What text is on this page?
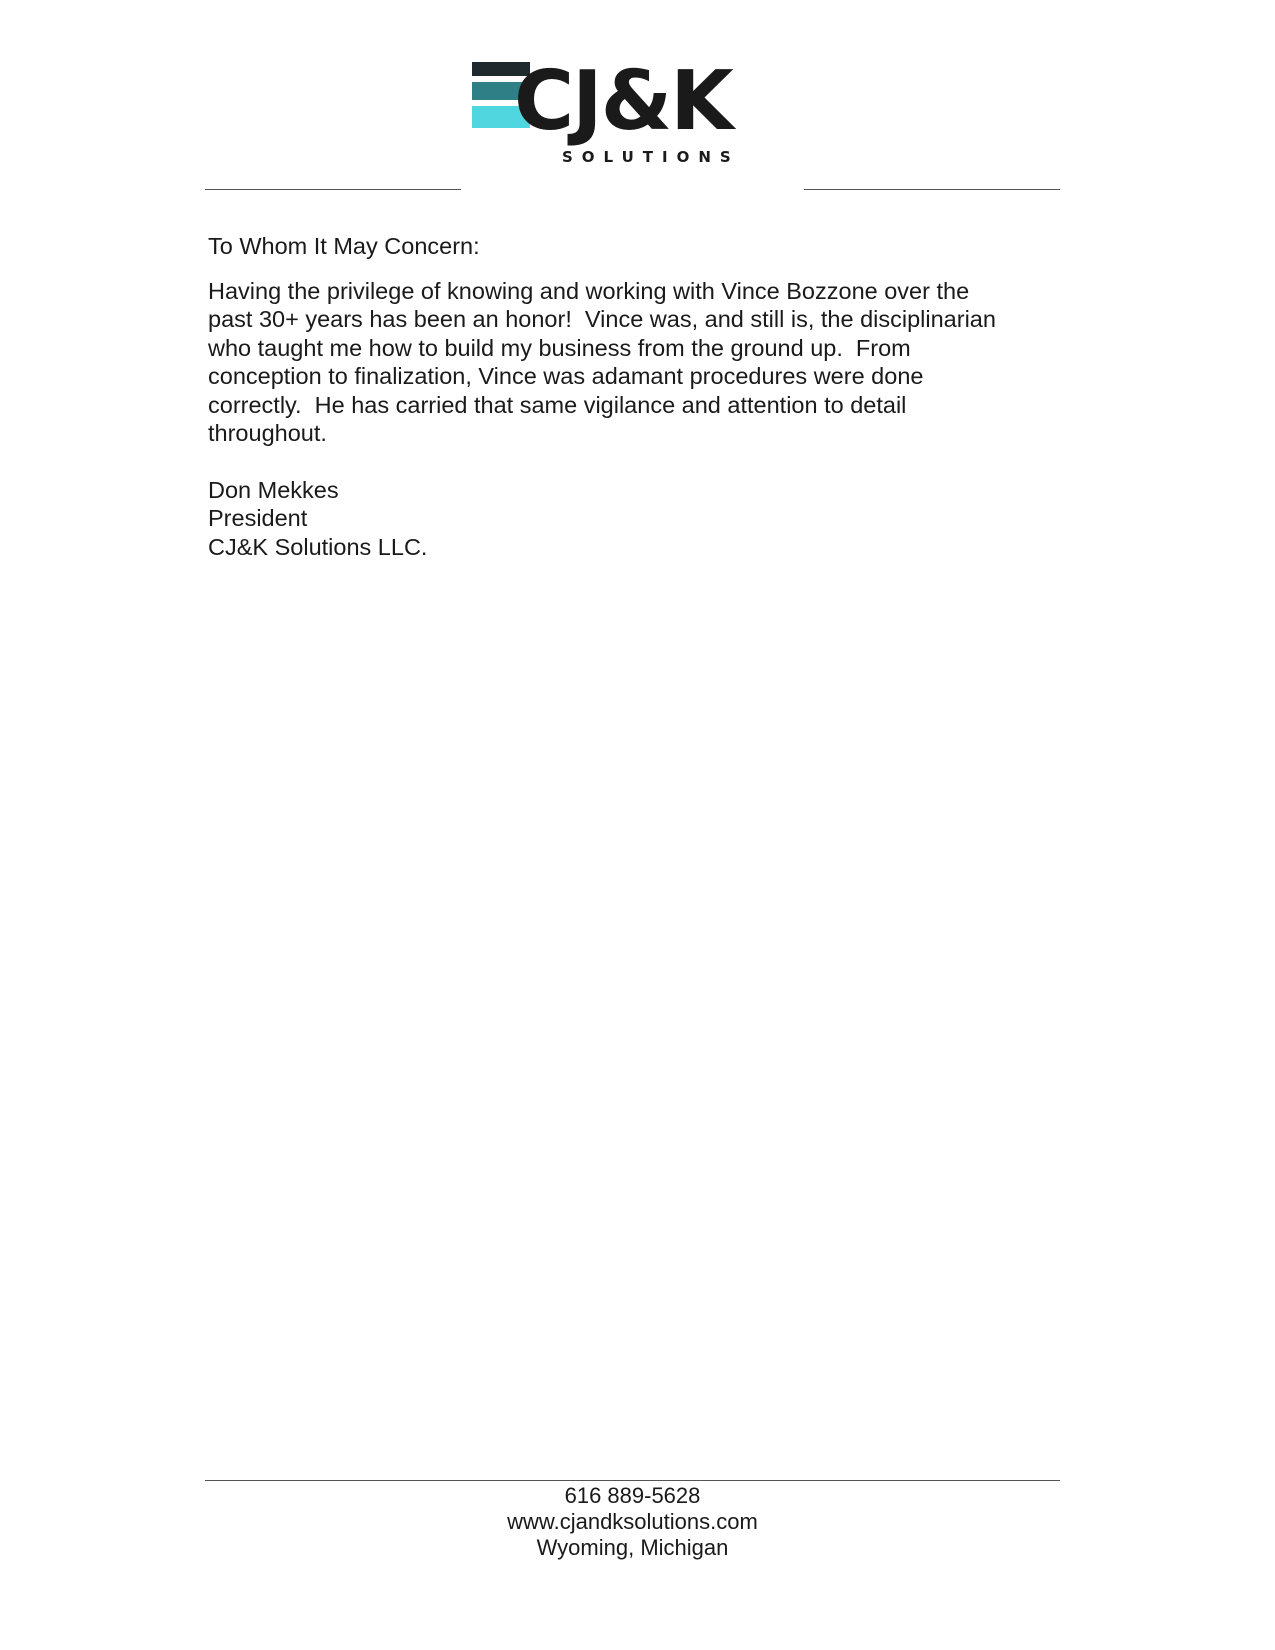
CJ&K
SOLUTIONS

To Whom It May Concern:

Having the privilege of knowing and working with Vince Bozzone over the
past 30+ years has been an honor!  Vince was, and still is, the disciplinarian
who taught me how to build my business from the ground up.  From
conception to finalization, Vince was adamant procedures were done
correctly.  He has carried that same vigilance and attention to detail
throughout.

Don Mekkes
President
CJ&K Solutions LLC.
616 889-5628
www.cjandksolutions.com
Wyoming, Michigan
